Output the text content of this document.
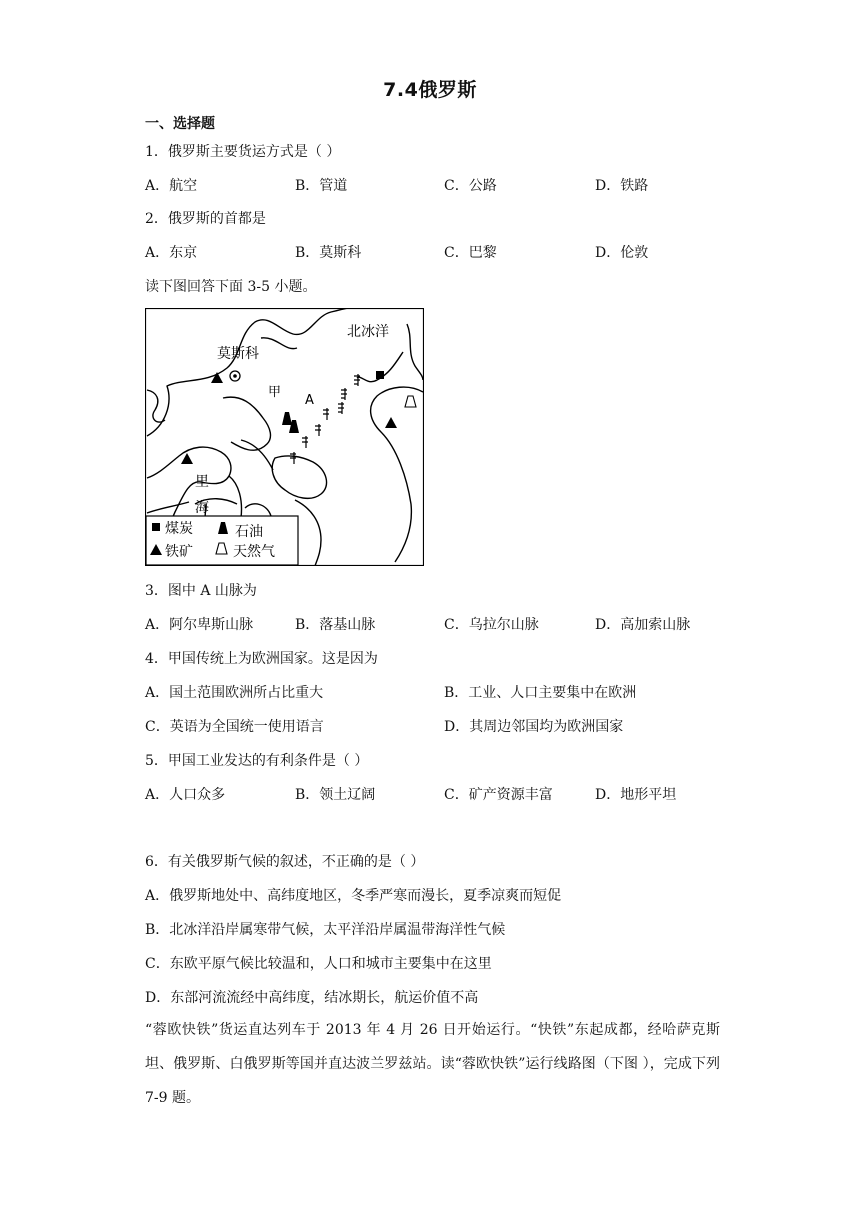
7.4俄罗斯
一、选择题
1．俄罗斯主要货运方式是（ ）
A．航空	B．管道	C．公路	D．铁路
2．俄罗斯的首都是
A．东京	B．莫斯科	C．巴黎	D．伦敦
读下图回答下面 3-5 小题。
北冰洋
莫斯科
甲
A
里
海
煤炭	石油
铁矿	天然气
3．图中 A 山脉为
A．阿尔卑斯山脉	B．落基山脉	C．乌拉尔山脉	D．高加索山脉
4．甲国传统上为欧洲国家。这是因为
A．国土范围欧洲所占比重大	B．工业、人口主要集中在欧洲
C．英语为全国统一使用语言	D．其周边邻国均为欧洲国家
5．甲国工业发达的有利条件是（ ）
A．人口众多	B．领土辽阔	C．矿产资源丰富	D．地形平坦
6．有关俄罗斯气候的叙述，不正确的是（ ）
A．俄罗斯地处中、高纬度地区，冬季严寒而漫长，夏季凉爽而短促
B．北冰洋沿岸属寒带气候，太平洋沿岸属温带海洋性气候
C．东欧平原气候比较温和，人口和城市主要集中在这里
D．东部河流流经中高纬度，结冰期长，航运价值不高
“蓉欧快铁”货运直达列车于 2013 年 4 月 26 日开始运行。“快铁”东起成都，经哈萨克斯坦、俄罗斯、白俄罗斯等国并直达波兰罗兹站。读“蓉欧快铁”运行线路图（下图 ），完成下列 7-9 题。
